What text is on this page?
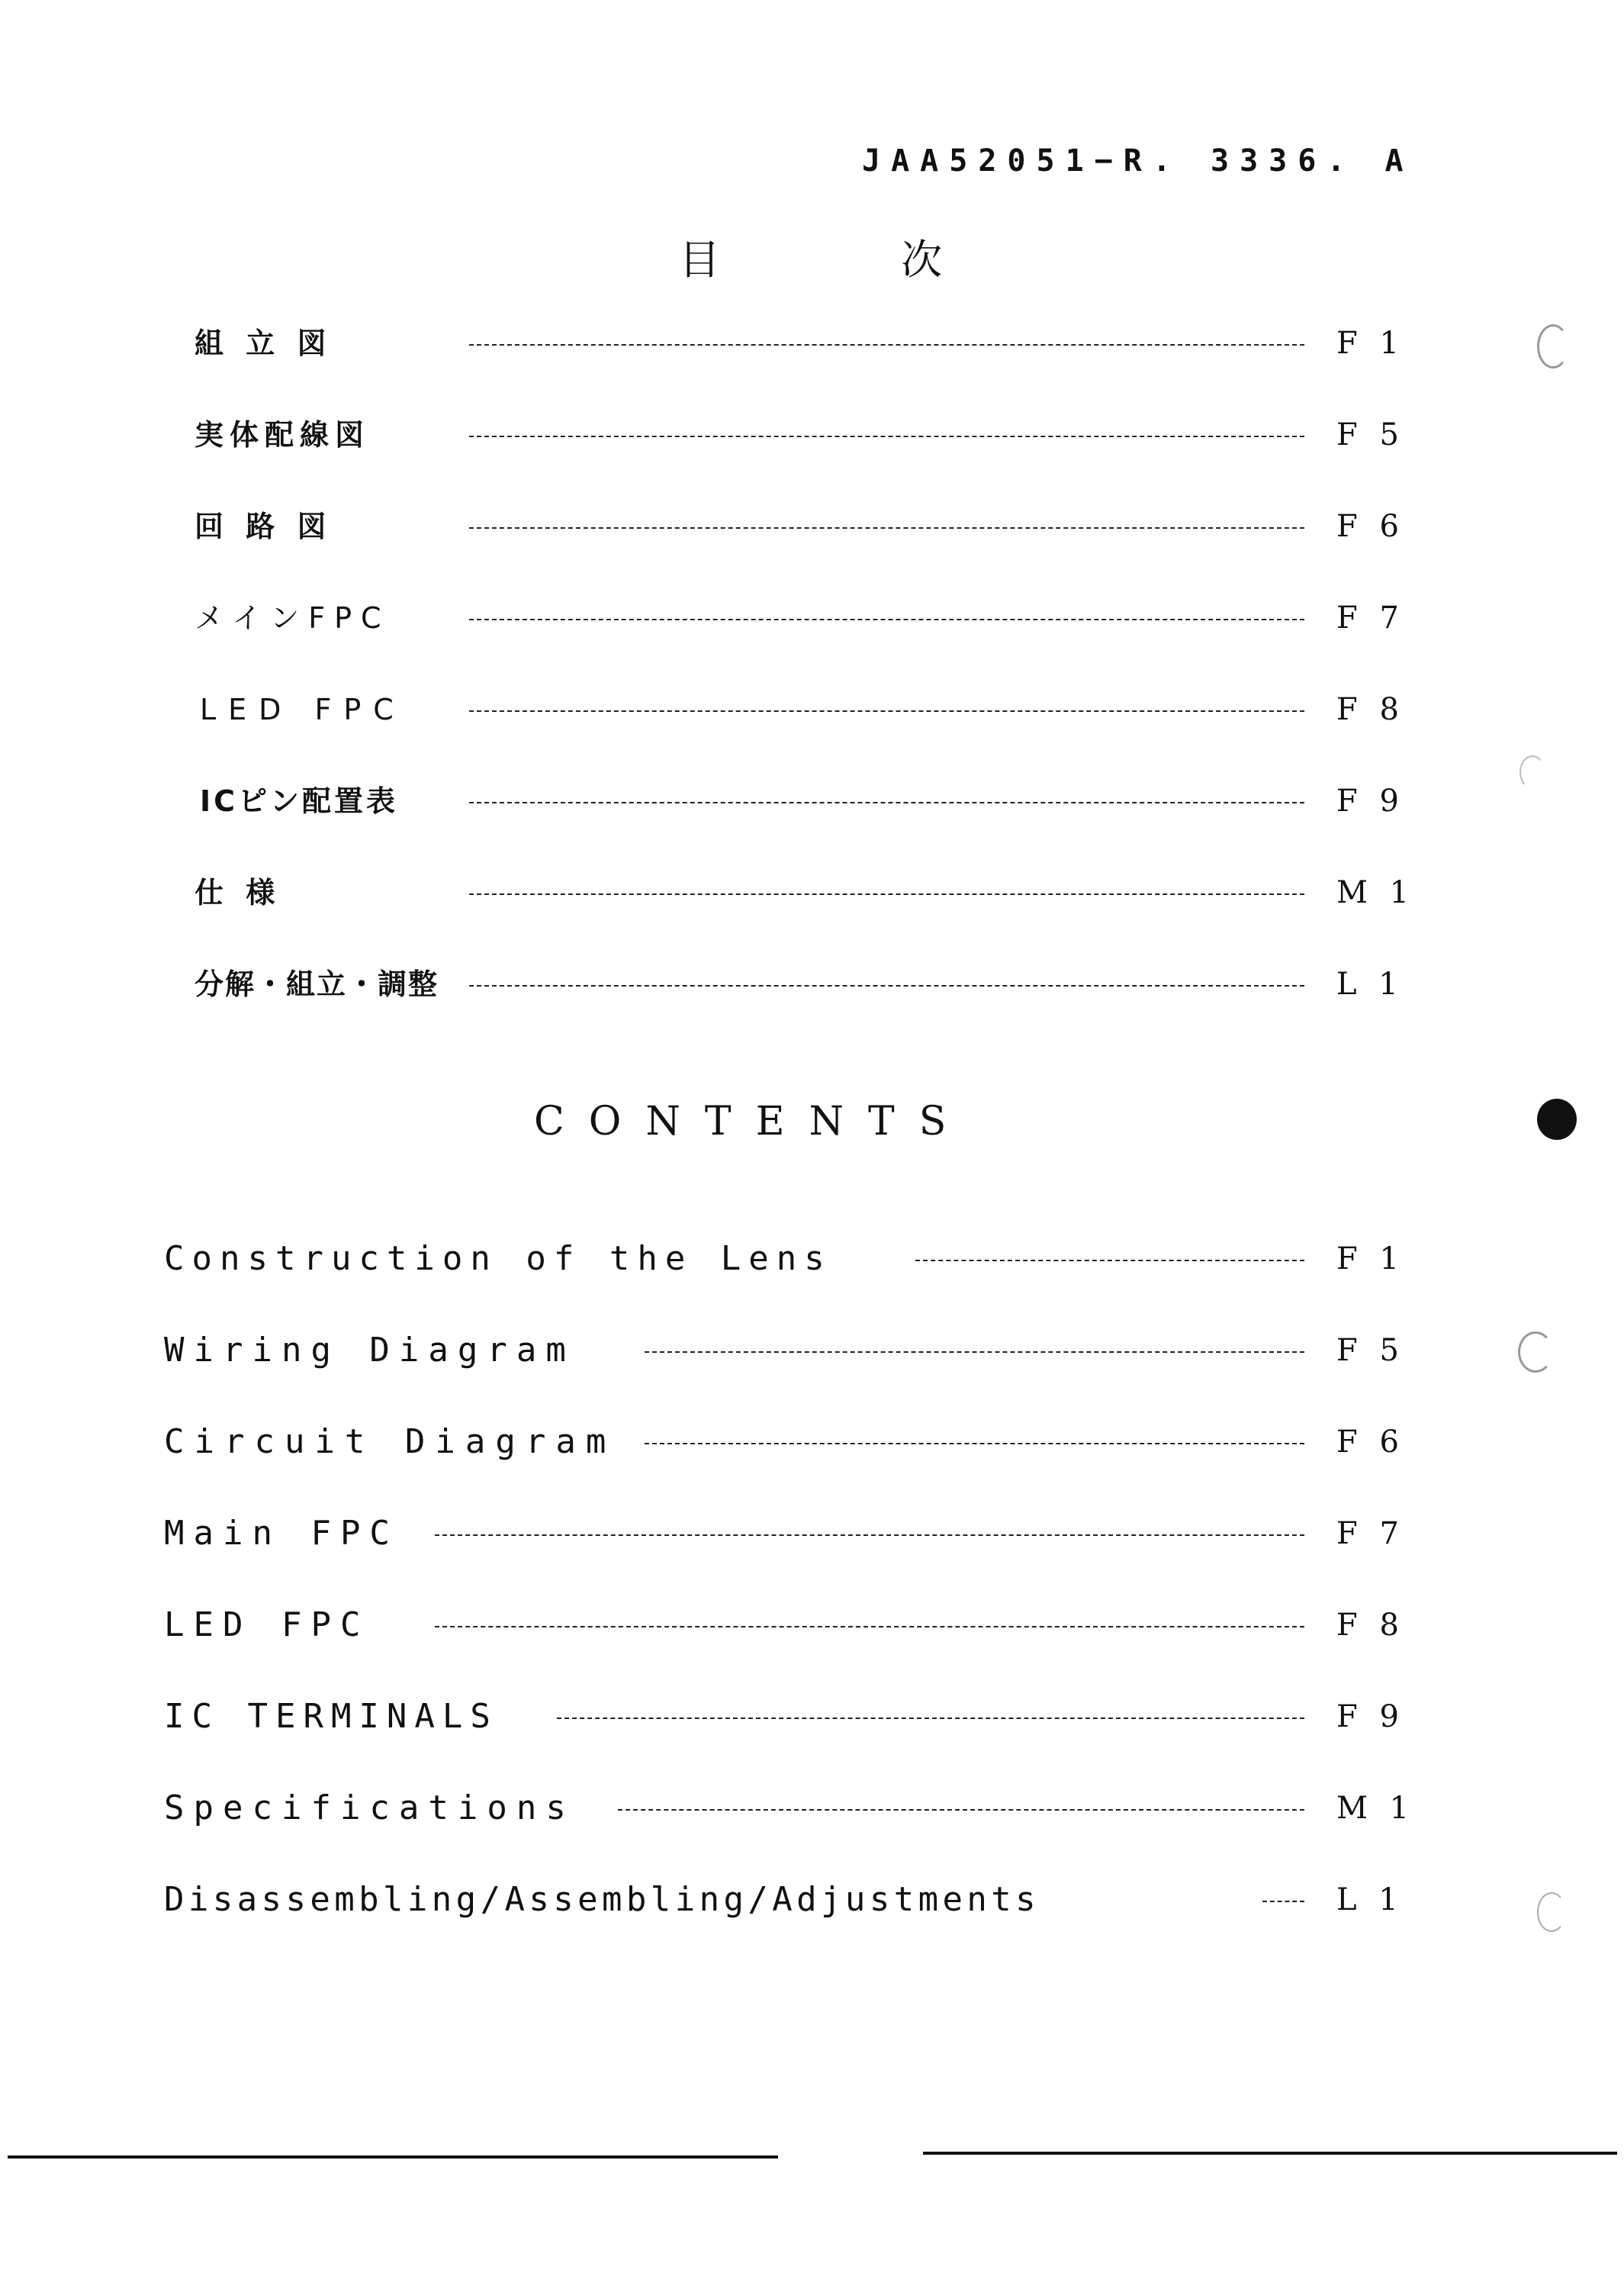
JAA52051−R. 3336. A
目 次
組 立 図	F 1
実体配線図	F 5
回 路 図	F 6
メインFPC	F 7
LED FPC	F 8
ICピン配置表	F 9
仕 様	M 1
分解・組立・調整	L 1
CONTENTS
Construction of the Lens	F 1
Wiring Diagram	F 5
Circuit Diagram	F 6
Main FPC	F 7
LED FPC	F 8
IC TERMINALS	F 9
Specifications	M 1
Disassembling/Assembling/Adjustments	L 1
